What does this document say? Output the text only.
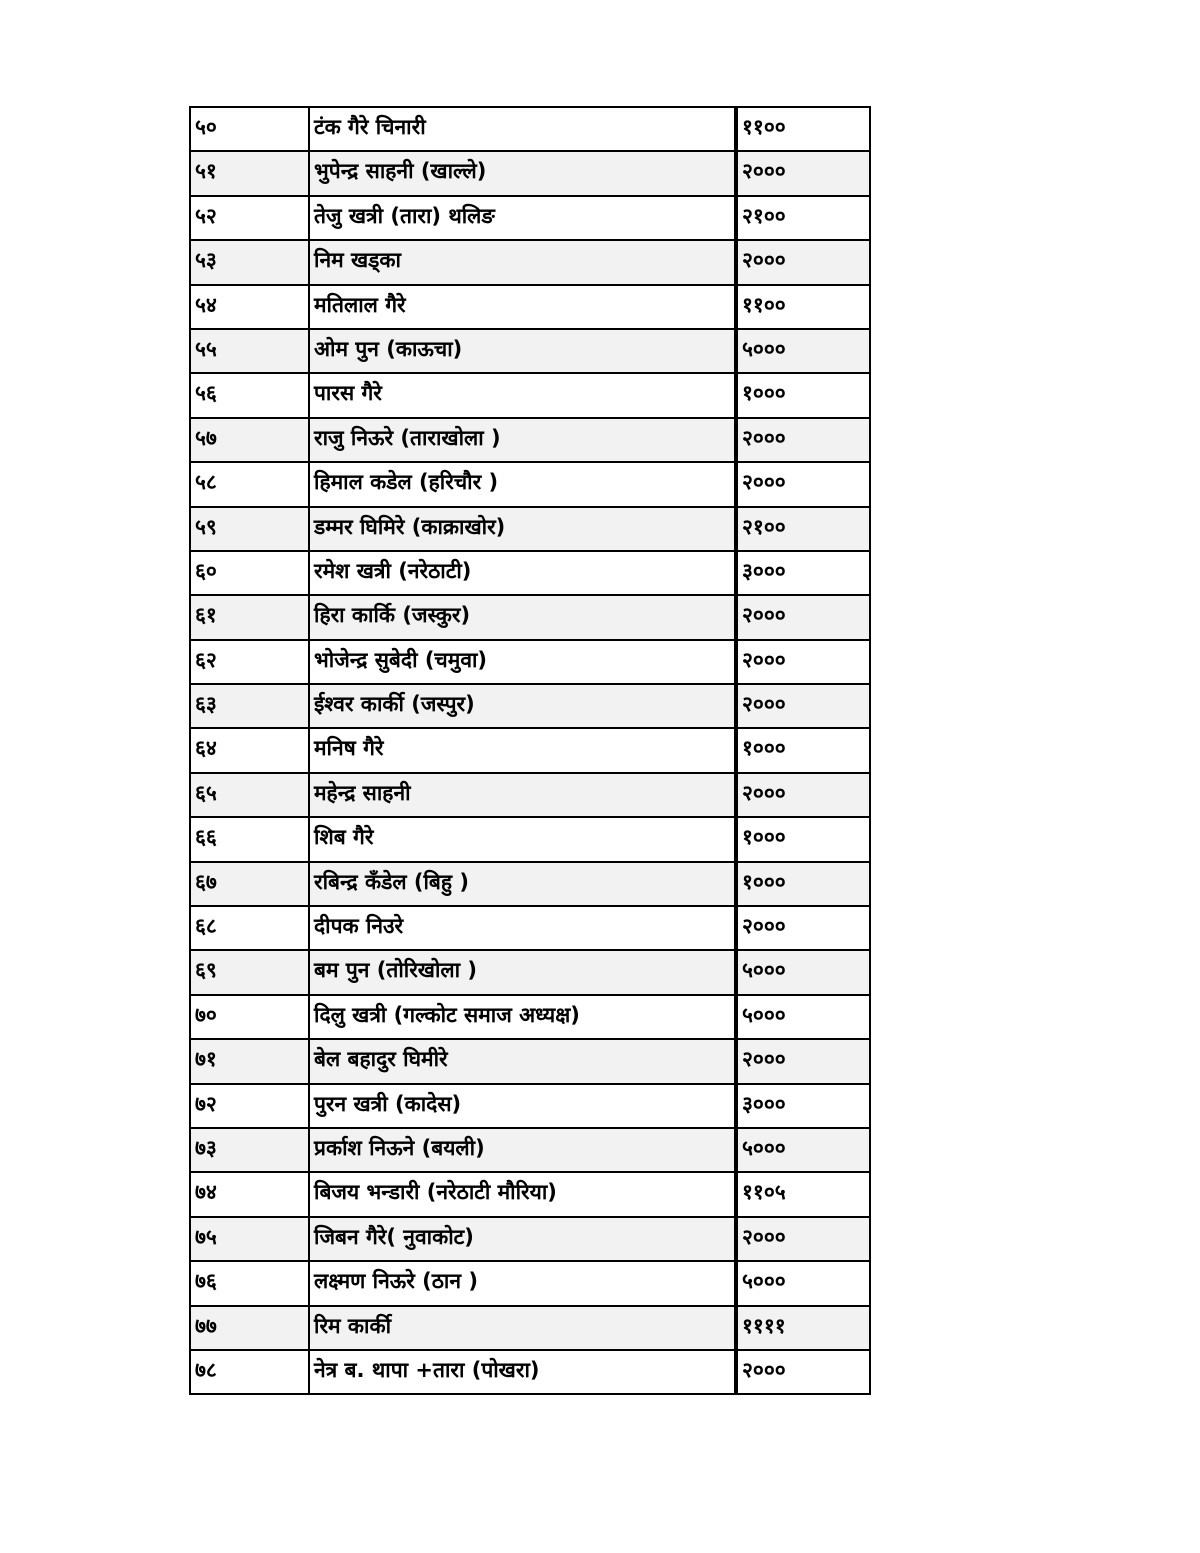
५०	टंक गैरे चिनारी	११००
५१	भुपेन्द्र साहनी (खाल्ले)	२०००
५२	तेजु खत्री (तारा) थलिङ	२१००
५३	निम खड्का	२०००
५४	मतिलाल गैरे	११००
५५	ओम पुन (काऊचा)	५०००
५६	पारस गैरे	१०००
५७	राजु निऊरे (ताराखोला )	२०००
५८	हिमाल कडेल (हरिचौर )	२०००
५९	डम्मर घिमिरे (काक्राखोर)	२१००
६०	रमेश खत्री (नरेठाटी)	३०००
६१	हिरा कार्कि (जस्कुर)	२०००
६२	भोजेन्द्र सुबेदी (चमुवा)	२०००
६३	ईश्वर कार्की (जस्पुर)	२०००
६४	मनिष गैरे	१०००
६५	महेन्द्र साहनी	२०००
६६	शिब गैरे	१०००
६७	रबिन्द्र कँडेल (बिहु )	१०००
६८	दीपक निउरे	२०००
६९	बम पुन (तोरिखोला )	५०००
७०	दिलु खत्री (गल्कोट समाज अध्यक्ष)	५०००
७१	बेल बहादुर घिमीरे	२०००
७२	पुरन खत्री (कादेस)	३०००
७३	प्रर्काश निऊने (बयली)	५०००
७४	बिजय भन्डारी (नरेठाटी मौरिया)	११०५
७५	जिबन गैरे( नुवाकोट)	२०००
७६	लक्ष्मण निऊरे (ठान )	५०००
७७	रिम कार्की	११११
७८	नेत्र ब. थापा +तारा (पोखरा)	२०००
